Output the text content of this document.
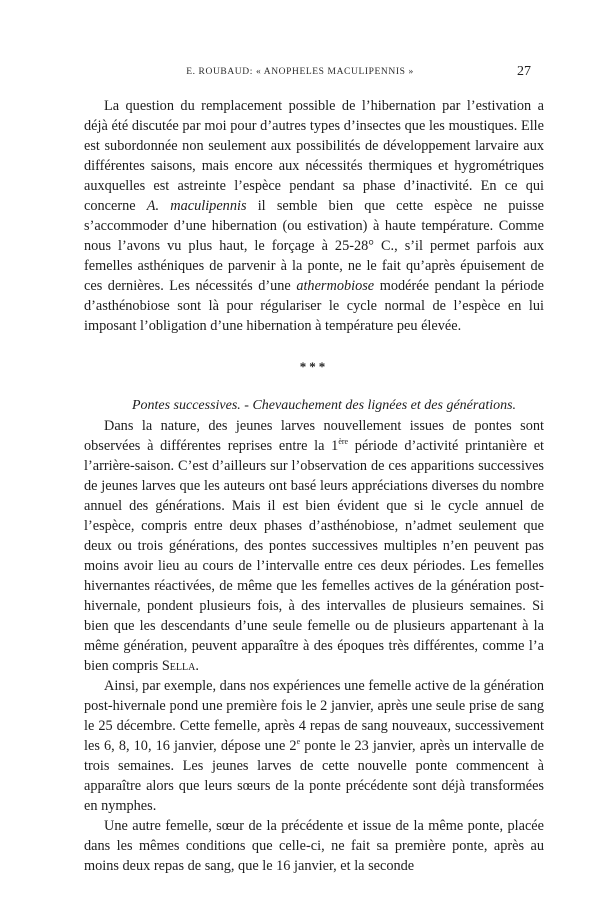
E. ROUBAUD: « ANOPHELES MACULIPENNIS »	27

La question du remplacement possible de l’hibernation par l’estivation a déjà été discutée par moi pour d’autres types d’insectes que les moustiques. Elle est subordonnée non seulement aux possibilités de développement larvaire aux différentes saisons, mais encore aux nécessités thermiques et hygrométriques auxquelles est astreinte l’espèce pendant sa phase d’inactivité. En ce qui concerne A. maculipennis il semble bien que cette espèce ne puisse s’accommoder d’une hibernation (ou estivation) à haute température. Comme nous l’avons vu plus haut, le forçage à 25-28° C., s’il permet parfois aux femelles asthéniques de parvenir à la ponte, ne le fait qu’après épuisement de ces dernières. Les nécessités d’une athermobiose modérée pendant la période d’asthénobiose sont là pour régulariser le cycle normal de l’espèce en lui imposant l’obligation d’une hibernation à température peu élevée.

***

Pontes successives. - Chevauchement des lignées et des générations.

Dans la nature, des jeunes larves nouvellement issues de pontes sont observées à différentes reprises entre la 1ère période d’activité printanière et l’arrière-saison. C’est d’ailleurs sur l’observation de ces apparitions successives de jeunes larves que les auteurs ont basé leurs appréciations diverses du nombre annuel des générations. Mais il est bien évident que si le cycle annuel de l’espèce, compris entre deux phases d’asthénobiose, n’admet seulement que deux ou trois générations, des pontes successives multiples n’en peuvent pas moins avoir lieu au cours de l’intervalle entre ces deux périodes. Les femelles hivernantes réactivées, de même que les femelles actives de la génération post-hivernale, pondent plusieurs fois, à des intervalles de plusieurs semaines. Si bien que les descendants d’une seule femelle ou de plusieurs appartenant à la même génération, peuvent apparaître à des époques très différentes, comme l’a bien compris Sella.

Ainsi, par exemple, dans nos expériences une femelle active de la génération post-hivernale pond une première fois le 2 janvier, après une seule prise de sang le 25 décembre. Cette femelle, après 4 repas de sang nouveaux, successivement les 6, 8, 10, 16 janvier, dépose une 2e ponte le 23 janvier, après un intervalle de trois semaines. Les jeunes larves de cette nouvelle ponte commencent à apparaître alors que leurs sœurs de la ponte précédente sont déjà transformées en nymphes.

Une autre femelle, sœur de la précédente et issue de la même ponte, placée dans les mêmes conditions que celle-ci, ne fait sa première ponte, après au moins deux repas de sang, que le 16 janvier, et la seconde
